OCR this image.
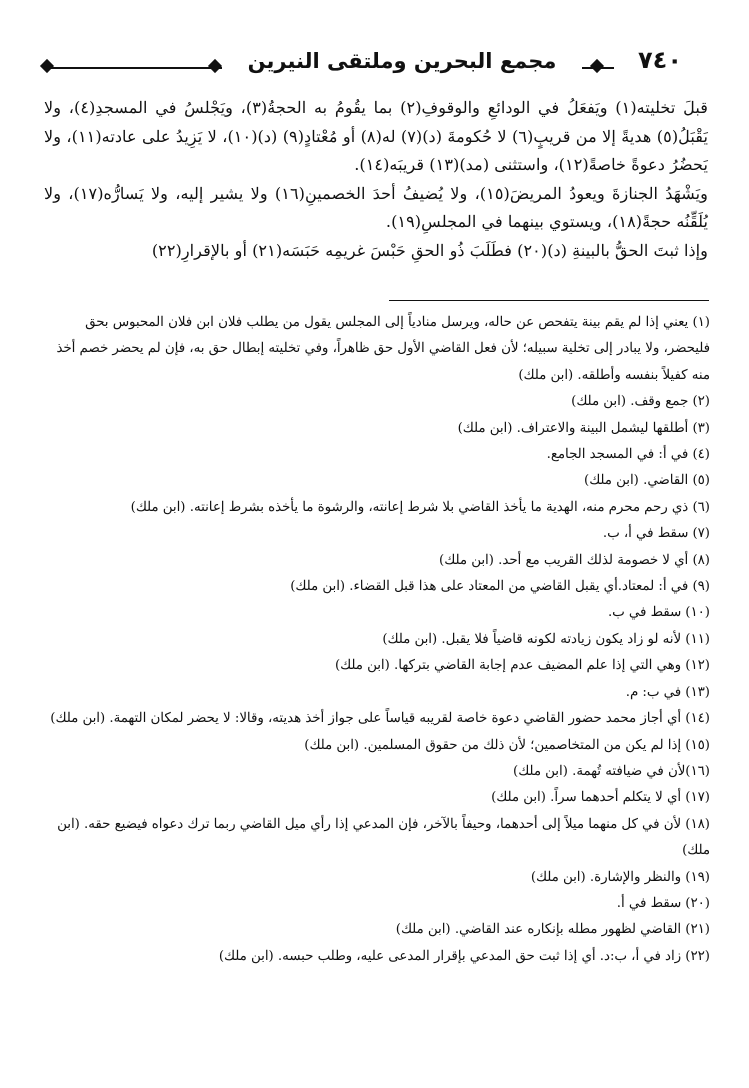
مجمع البحرين وملتقى النيرين	٧٤٠

قبلَ تخليته(١) ويَفعَلُ في الودائعِ والوقوفِ(٢) بما يقُومُ به الحجةُ(٣)، ويَجْلسُ في المسجدِ(٤)، ولا يَقْبَلُ(٥) هديةً إلا من قريبٍ(٦) لا حُكومةَ (د)(٧) له(٨) أو مُعْتادٍ(٩) (د)(١٠)، لا يَزِيدُ على عادته(١١)، ولا يَحضُرُ دعوةً خاصةً(١٢)، واستثنى (مد)(١٣) قريبَه(١٤).

ويَشْهَدُ الجنازةَ ويعودُ المريضَ(١٥)، ولا يُضيفُ أحدَ الخصمينِ(١٦) ولا يشير إليه، ولا يَسارُّه(١٧)، ولا يُلَقِّنُه حجةً(١٨)، ويستوي بينهما في المجلسِ(١٩).

وإذا ثبتَ الحقُّ بالبينةِ (د)(٢٠) فطَلَبَ ذُو الحقِ حَبْسَ غريمِه حَبَسَه(٢١) أو بالإقرارِ(٢٢)

(١) يعني إذا لم يقم بينة يتفحص عن حاله، ويرسل منادياً إلى المجلس يقول من يطلب فلان ابن فلان المحبوس بحق فليحضر، ولا يبادر إلى تخلية سبيله؛ لأن فعل القاضي الأول حق ظاهراً، وفي تخليته إبطال حق به، فإن لم يحضر خصم أخذ منه كفيلاً بنفسه وأطلقه. (ابن ملك)
(٢) جمع وقف. (ابن ملك)
(٣) أطلقها ليشمل البينة والاعتراف. (ابن ملك)
(٤) في أ: في المسجد الجامع.
(٥) القاضي. (ابن ملك)
(٦) ذي رحم محرم منه، الهدية ما يأخذ القاضي بلا شرط إعانته، والرشوة ما يأخذه بشرط إعانته. (ابن ملك)
(٧) سقط في أ، ب.
(٨) أي لا خصومة لذلك القريب مع أحد. (ابن ملك)
(٩) في أ: لمعتاد.أي يقبل القاضي من المعتاد على هذا قبل القضاء. (ابن ملك)
(١٠) سقط في ب.
(١١) لأنه لو زاد يكون زيادته لكونه قاضياً فلا يقبل. (ابن ملك)
(١٢) وهي التي إذا علم المضيف عدم إجابة القاضي بتركها. (ابن ملك)
(١٣) في ب: م.
(١٤) أي أجاز محمد حضور القاضي دعوة خاصة لقريبه قياساً على جواز أخذ هديته، وقالا: لا يحضر لمكان التهمة. (ابن ملك)
(١٥) إذا لم يكن من المتخاصمين؛ لأن ذلك من حقوق المسلمين. (ابن ملك)
(١٦)لأن في ضيافته تُهمة. (ابن ملك)
(١٧) أي لا يتكلم أحدهما سراً. (ابن ملك)
(١٨) لأن في كل منهما ميلاً إلى أحدهما، وحيفاً بالآخر، فإن المدعي إذا رأي ميل القاضي ربما ترك دعواه فيضيع حقه. (ابن ملك)
(١٩) والنظر والإشارة. (ابن ملك)
(٢٠) سقط في أ.
(٢١) القاضي لظهور مطله بإنكاره عند القاضي. (ابن ملك)
(٢٢) زاد في أ، ب:د. أي إذا ثبت حق المدعي بإقرار المدعى عليه، وطلب حبسه. (ابن ملك)
